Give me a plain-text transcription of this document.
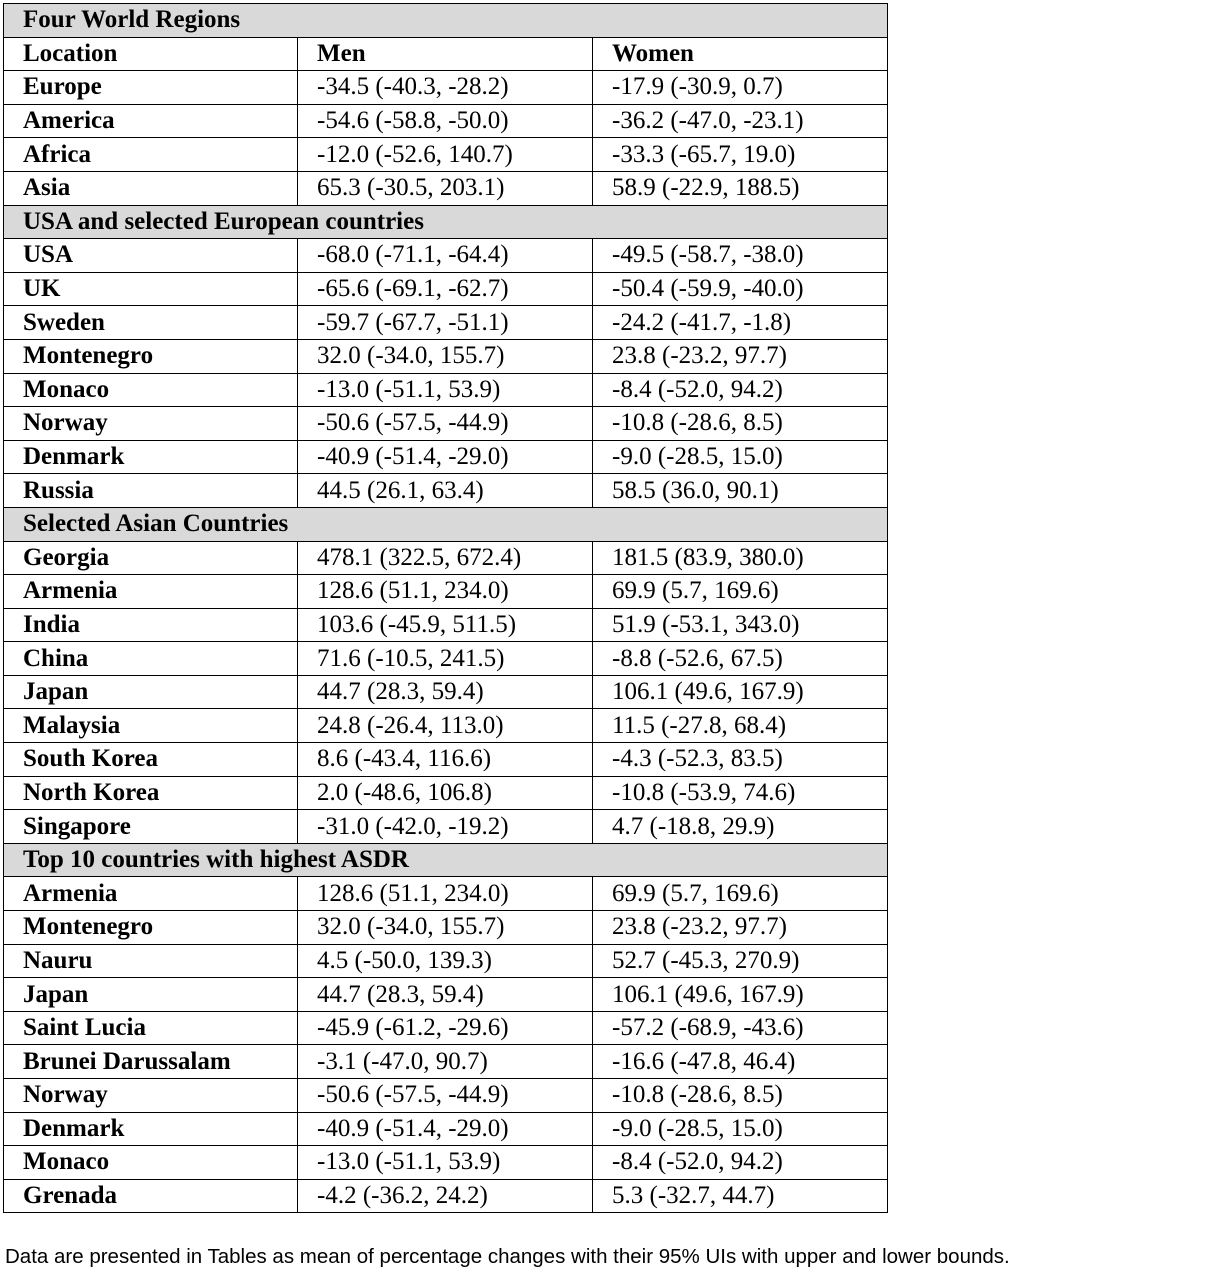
Four World Regions		
Location	Men	Women
Europe	-34.5 (-40.3, -28.2)	-17.9 (-30.9, 0.7)
America	-54.6 (-58.8, -50.0)	-36.2 (-47.0, -23.1)
Africa	-12.0 (-52.6, 140.7)	-33.3 (-65.7, 19.0)
Asia	65.3 (-30.5, 203.1)	58.9 (-22.9, 188.5)
USA and selected European countries		
USA	-68.0 (-71.1, -64.4)	-49.5 (-58.7, -38.0)
UK	-65.6 (-69.1, -62.7)	-50.4 (-59.9, -40.0)
Sweden	-59.7 (-67.7, -51.1)	-24.2 (-41.7, -1.8)
Montenegro	32.0 (-34.0, 155.7)	23.8 (-23.2, 97.7)
Monaco	-13.0 (-51.1, 53.9)	-8.4 (-52.0, 94.2)
Norway	-50.6 (-57.5, -44.9)	-10.8 (-28.6, 8.5)
Denmark	-40.9 (-51.4, -29.0)	-9.0 (-28.5, 15.0)
Russia	44.5 (26.1, 63.4)	58.5 (36.0, 90.1)
Selected Asian Countries		
Georgia	478.1 (322.5, 672.4)	181.5 (83.9, 380.0)
Armenia	128.6 (51.1, 234.0)	69.9 (5.7, 169.6)
India	103.6 (-45.9, 511.5)	51.9 (-53.1, 343.0)
China	71.6 (-10.5, 241.5)	-8.8 (-52.6, 67.5)
Japan	44.7 (28.3, 59.4)	106.1 (49.6, 167.9)
Malaysia	24.8 (-26.4, 113.0)	11.5 (-27.8, 68.4)
South Korea	8.6 (-43.4, 116.6)	-4.3 (-52.3, 83.5)
North Korea	2.0 (-48.6, 106.8)	-10.8 (-53.9, 74.6)
Singapore	-31.0 (-42.0, -19.2)	4.7 (-18.8, 29.9)
Top 10 countries with highest ASDR		
Armenia	128.6 (51.1, 234.0)	69.9 (5.7, 169.6)
Montenegro	32.0 (-34.0, 155.7)	23.8 (-23.2, 97.7)
Nauru	4.5 (-50.0, 139.3)	52.7 (-45.3, 270.9)
Japan	44.7 (28.3, 59.4)	106.1 (49.6, 167.9)
Saint Lucia	-45.9 (-61.2, -29.6)	-57.2 (-68.9, -43.6)
Brunei Darussalam	-3.1 (-47.0, 90.7)	-16.6 (-47.8, 46.4)
Norway	-50.6 (-57.5, -44.9)	-10.8 (-28.6, 8.5)
Denmark	-40.9 (-51.4, -29.0)	-9.0 (-28.5, 15.0)
Monaco	-13.0 (-51.1, 53.9)	-8.4 (-52.0, 94.2)
Grenada	-4.2 (-36.2, 24.2)	5.3 (-32.7, 44.7)
Data are presented in Tables as mean of percentage changes with their 95% UIs with upper and lower bounds.
